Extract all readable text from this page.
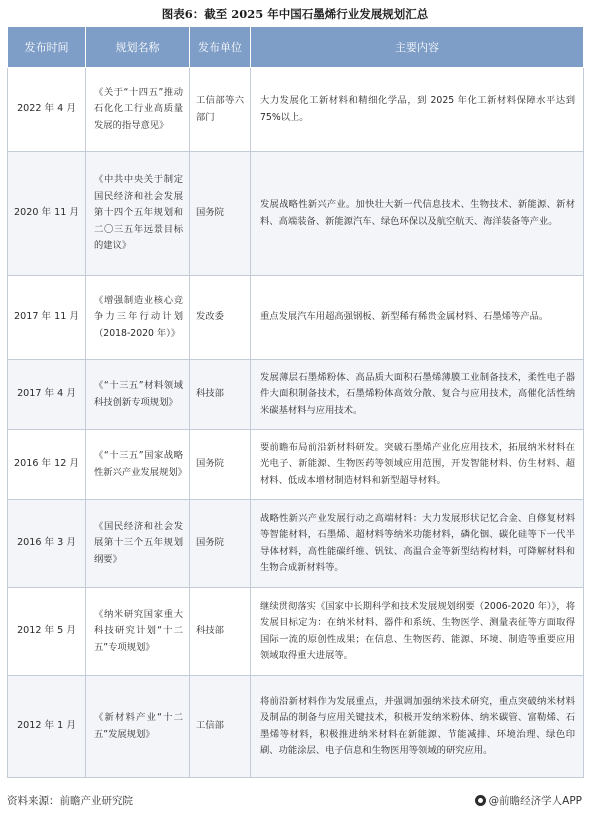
图表6：截至 2025 年中国石墨烯行业发展规划汇总
发布时间	规划名称	发布单位	主要内容
2022 年 4 月	《关于“十四五”推动石化化工行业高质量发展的指导意见》	工信部等六部门	大力发展化工新材料和精细化学品，到 2025 年化工新材料保障水平达到 75%以上。
2020 年 11 月	《中共中央关于制定国民经济和社会发展第十四个五年规划和二〇三五年远景目标的建议》	国务院	发展战略性新兴产业。加快壮大新一代信息技术、生物技术、新能源、新材料、高端装备、新能源汽车、绿色环保以及航空航天、海洋装备等产业。
2017 年 11 月	《增强制造业核心竞争力三年行动计划（2018-2020 年）》	发改委	重点发展汽车用超高强钢板、新型稀有稀贵金属材料、石墨烯等产品。
2017 年 4 月	《“十三五”材料领域科技创新专项规划》	科技部	发展薄层石墨烯粉体、高品质大面积石墨烯薄膜工业制备技术，柔性电子器件大面积制备技术，石墨烯粉体高效分散、复合与应用技术，高催化活性纳米碳基材料与应用技术。
2016 年 12 月	《“十三五”国家战略性新兴产业发展规划》	国务院	要前瞻布局前沿新材料研发。突破石墨烯产业化应用技术，拓展纳米材料在光电子、新能源、生物医药等领域应用范围，开发智能材料、仿生材料、超材料、低成本增材制造材料和新型超导材料。
2016 年 3 月	《国民经济和社会发展第十三个五年规划纲要》	国务院	战略性新兴产业发展行动之高端材料：大力发展形状记忆合金、自修复材料等智能材料，石墨烯、超材料等纳米功能材料，磷化铟、碳化硅等下一代半导体材料，高性能碳纤维、钒钛、高温合金等新型结构材料，可降解材料和生物合成新材料等。
2012 年 5 月	《纳米研究国家重大科技研究计划“十二五”专项规划》	科技部	继续贯彻落实《国家中长期科学和技术发展规划纲要（2006-2020 年）》，将发展目标定为：在纳米材料、器件和系统、生物医学、测量表征等方面取得国际一流的原创性成果；在信息、生物医药、能源、环境、制造等重要应用领域取得重大进展等。
2012 年 1 月	《新材料产业“十二五”发展规划》	工信部	将前沿新材料作为发展重点，并强调加强纳米技术研究，重点突破纳米材料及制品的制备与应用关键技术，积极开发纳米粉体、纳米碳管、富勒烯、石墨烯等材料，积极推进纳米材料在新能源、节能减排、环境治理、绿色印刷、功能涂层、电子信息和生物医用等领域的研究应用。
资料来源：前瞻产业研究院	@前瞻经济学人APP
